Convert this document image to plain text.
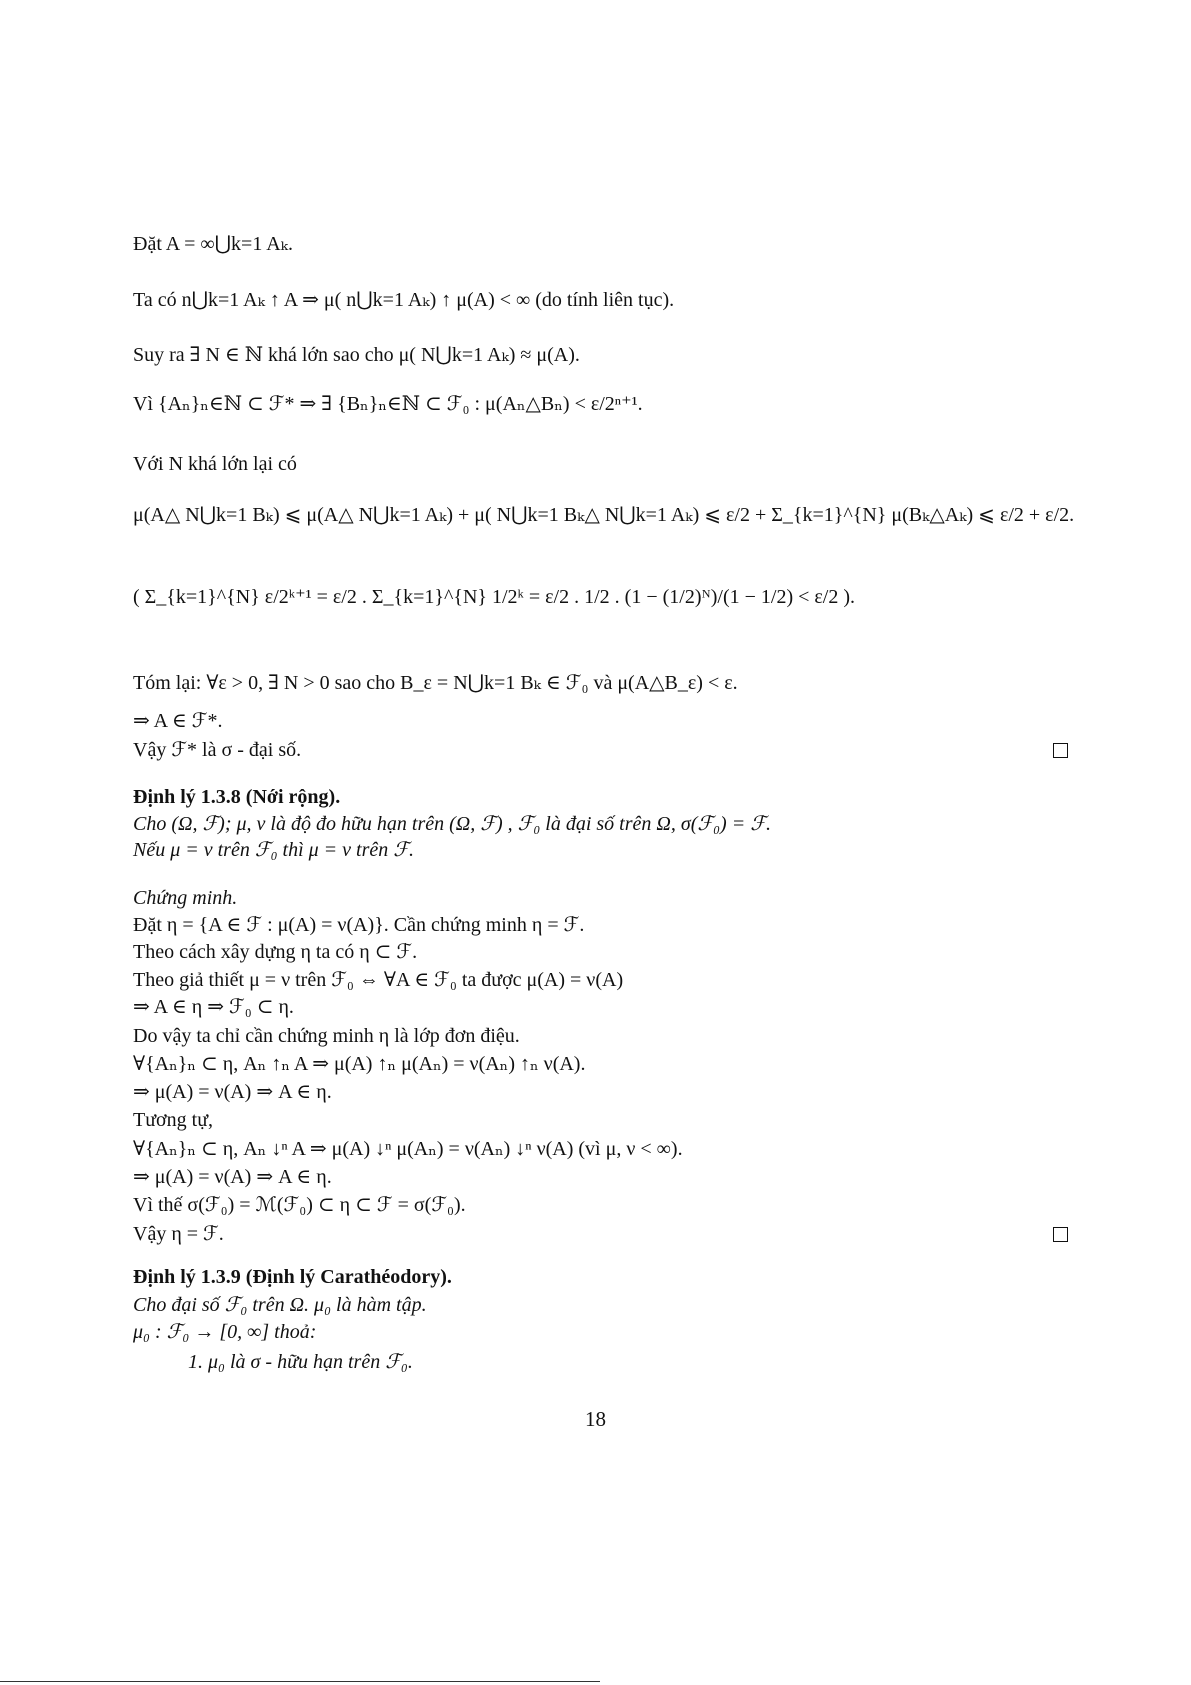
Đặt A = ∞⋃k=1 Aₖ.
Ta có n⋃k=1 Aₖ ↑ A ⇒ μ( n⋃k=1 Aₖ) ↑ μ(A) < ∞ (do tính liên tục).
Suy ra ∃ N ∈ ℕ khá lớn sao cho μ( N⋃k=1 Aₖ) ≈ μ(A).
Vì {Aₙ}ₙ∈ℕ ⊂ ℱ* ⇒ ∃ {Bₙ}ₙ∈ℕ ⊂ ℱ₀ : μ(Aₙ△Bₙ) < ε/2ⁿ⁺¹.
Với N khá lớn lại có
μ(A△ N⋃k=1 Bₖ) ⩽ μ(A△ N⋃k=1 Aₖ) + μ( N⋃k=1 Bₖ△ N⋃k=1 Aₖ) ⩽ ε/2 + Σ_{k=1}^{N} μ(Bₖ△Aₖ) ⩽ ε/2 + ε/2.
( Σ_{k=1}^{N} ε/2ᵏ⁺¹ = ε/2 . Σ_{k=1}^{N} 1/2ᵏ = ε/2 . 1/2 . (1 − (1/2)ᴺ)/(1 − 1/2) < ε/2 ).
Tóm lại: ∀ε > 0, ∃ N > 0 sao cho B_ε = N⋃k=1 Bₖ ∈ ℱ₀ và μ(A△B_ε) < ε.
⇒ A ∈ ℱ*.
Vậy ℱ* là σ - đại số.
Định lý 1.3.8 (Nới rộng).
Cho (Ω, ℱ); μ, ν là độ đo hữu hạn trên (Ω, ℱ) , ℱ₀ là đại số trên Ω, σ(ℱ₀) = ℱ.
Nếu μ = ν trên ℱ₀ thì μ = ν trên ℱ.
Chứng minh.
Đặt η = {A ∈ ℱ : μ(A) = ν(A)}. Cần chứng minh η = ℱ.
Theo cách xây dựng η ta có η ⊂ ℱ.
Theo giả thiết μ = ν trên ℱ₀ ⇔ ∀A ∈ ℱ₀ ta được μ(A) = ν(A)
⇒ A ∈ η ⇒ ℱ₀ ⊂ η.
Do vậy ta chỉ cần chứng minh η là lớp đơn điệu.
∀{Aₙ}ₙ ⊂ η, Aₙ ↑ₙ A ⇒ μ(A) ↑ₙ μ(Aₙ) = ν(Aₙ) ↑ₙ ν(A).
⇒ μ(A) = ν(A) ⇒ A ∈ η.
Tương tự,
∀{Aₙ}ₙ ⊂ η, Aₙ ↓ⁿ A ⇒ μ(A) ↓ⁿ μ(Aₙ) = ν(Aₙ) ↓ⁿ ν(A) (vì μ, ν < ∞).
⇒ μ(A) = ν(A) ⇒ A ∈ η.
Vì thế σ(ℱ₀) = ℳ(ℱ₀) ⊂ η ⊂ ℱ = σ(ℱ₀).
Vậy η = ℱ.
Định lý 1.3.9 (Định lý Carathéodory).
Cho đại số ℱ₀ trên Ω. μ₀ là hàm tập.
μ₀ : ℱ₀ → [0, ∞] thoả:
1. μ₀ là σ - hữu hạn trên ℱ₀.
18
